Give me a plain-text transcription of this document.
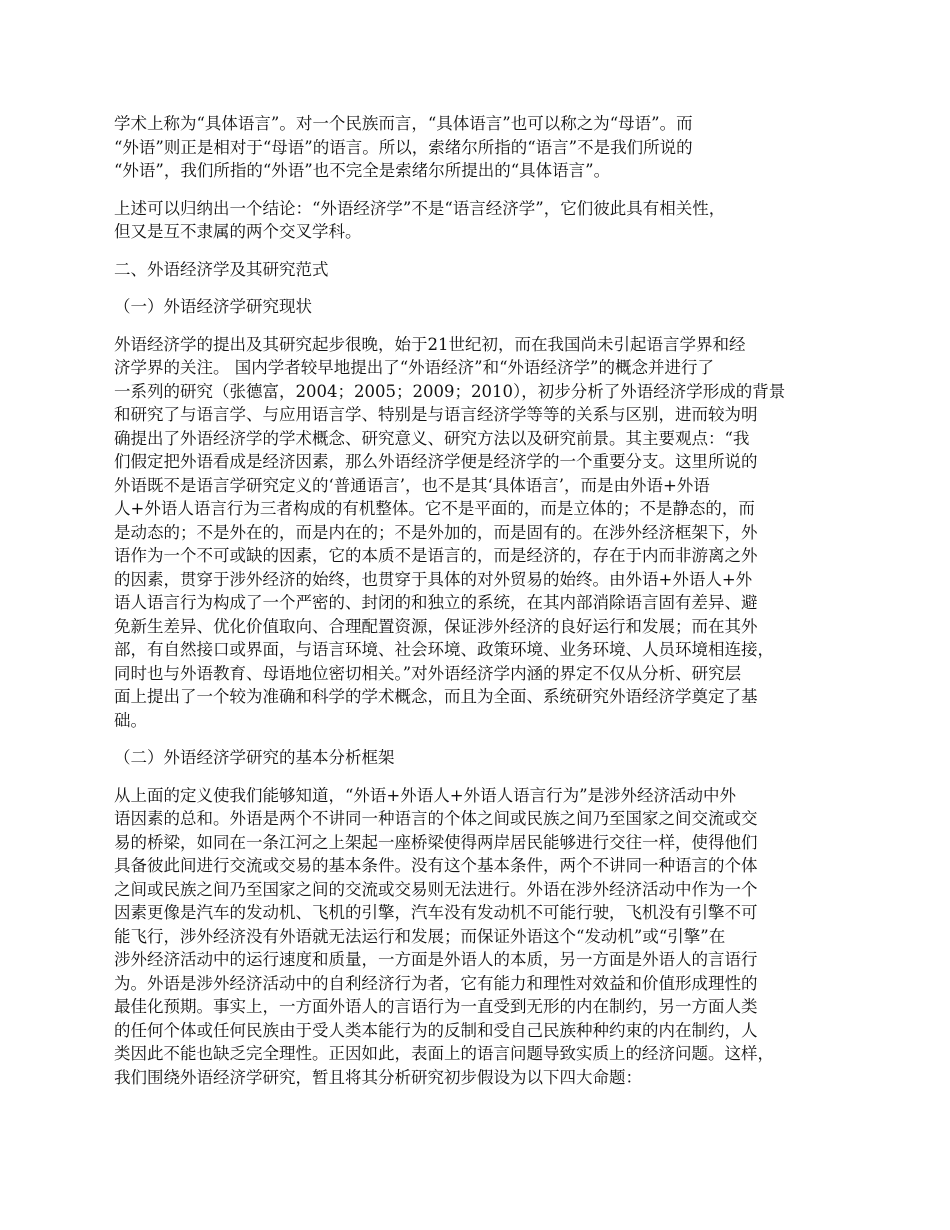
学术上称为“具体语言”。对一个民族而言，“具体语言”也可以称之为“母语”。而
“外语”则正是相对于“母语”的语言。所以，索绪尔所指的“语言”不是我们所说的
“外语”，我们所指的“外语”也不完全是索绪尔所提出的“具体语言”。

上述可以归纳出一个结论：“外语经济学”不是“语言经济学”，它们彼此具有相关性，
但又是互不隶属的两个交叉学科。

二、外语经济学及其研究范式

（一）外语经济学研究现状

外语经济学的提出及其研究起步很晚，始于21世纪初，而在我国尚未引起语言学界和经
济学界的关注。 国内学者较早地提出了“外语经济”和“外语经济学”的概念并进行了
一系列的研究（张德富，2004；2005；2009；2010），初步分析了外语经济学形成的背景
和研究了与语言学、与应用语言学、特别是与语言经济学等等的关系与区别，进而较为明
确提出了外语经济学的学术概念、研究意义、研究方法以及研究前景。其主要观点：“我
们假定把外语看成是经济因素，那么外语经济学便是经济学的一个重要分支。这里所说的
外语既不是语言学研究定义的‘普通语言’，也不是其‘具体语言’，而是由外语+外语
人+外语人语言行为三者构成的有机整体。它不是平面的，而是立体的；不是静态的，而
是动态的；不是外在的，而是内在的；不是外加的，而是固有的。在涉外经济框架下，外
语作为一个不可或缺的因素，它的本质不是语言的，而是经济的，存在于内而非游离之外
的因素，贯穿于涉外经济的始终，也贯穿于具体的对外贸易的始终。由外语+外语人+外
语人语言行为构成了一个严密的、封闭的和独立的系统，在其内部消除语言固有差异、避
免新生差异、优化价值取向、合理配置资源，保证涉外经济的良好运行和发展；而在其外
部，有自然接口或界面，与语言环境、社会环境、政策环境、业务环境、人员环境相连接，
同时也与外语教育、母语地位密切相关。”对外语经济学内涵的界定不仅从分析、研究层
面上提出了一个较为准确和科学的学术概念，而且为全面、系统研究外语经济学奠定了基
础。

（二）外语经济学研究的基本分析框架

从上面的定义使我们能够知道，“外语+外语人+外语人语言行为”是涉外经济活动中外
语因素的总和。外语是两个不讲同一种语言的个体之间或民族之间乃至国家之间交流或交
易的桥梁，如同在一条江河之上架起一座桥梁使得两岸居民能够进行交往一样，使得他们
具备彼此间进行交流或交易的基本条件。没有这个基本条件，两个不讲同一种语言的个体
之间或民族之间乃至国家之间的交流或交易则无法进行。外语在涉外经济活动中作为一个
因素更像是汽车的发动机、飞机的引擎，汽车没有发动机不可能行驶，飞机没有引擎不可
能飞行，涉外经济没有外语就无法运行和发展；而保证外语这个“发动机”或“引擎”在
涉外经济活动中的运行速度和质量，一方面是外语人的本质，另一方面是外语人的言语行
为。外语是涉外经济活动中的自利经济行为者，它有能力和理性对效益和价值形成理性的
最佳化预期。事实上，一方面外语人的言语行为一直受到无形的内在制约，另一方面人类
的任何个体或任何民族由于受人类本能行为的反制和受自己民族种种约束的内在制约，人
类因此不能也缺乏完全理性。正因如此，表面上的语言问题导致实质上的经济问题。这样，
我们围绕外语经济学研究，暂且将其分析研究初步假设为以下四大命题：
